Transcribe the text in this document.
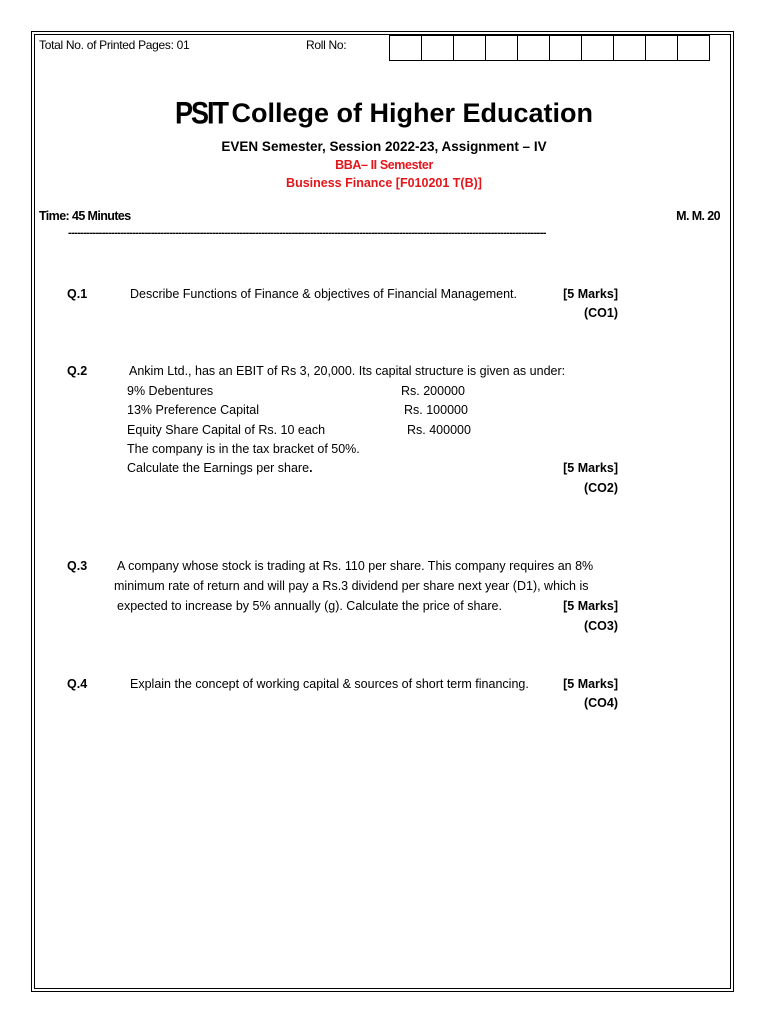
Total No. of Printed Pages: 01	Roll No:
PSIT College of Higher Education
EVEN Semester, Session 2022-23, Assignment – IV
BBA– II Semester
Business Finance [F010201 T(B)]
Time: 45 Minutes	M. M. 20
------------------------------------------------------------------------------------------------------------------------------------------------------------
Q.1	Describe Functions of Finance & objectives of Financial Management.	[5 Marks]
(CO1)
Q.2	Ankim Ltd., has an EBIT of Rs 3, 20,000. Its capital structure is given as under:
9% Debentures	Rs. 200000
13% Preference Capital	Rs. 100000
Equity Share Capital of Rs. 10 each	Rs. 400000
The company is in the tax bracket of 50%.
Calculate the Earnings per share.	[5 Marks]
(CO2)
Q.3 A company whose stock is trading at Rs. 110 per share. This company requires an 8%
minimum rate of return and will pay a Rs.3 dividend per share next year (D1), which is
expected to increase by 5% annually (g). Calculate the price of share.	[5 Marks]
(CO3)
Q.4	Explain the concept of working capital & sources of short term financing.	[5 Marks]
(CO4)
